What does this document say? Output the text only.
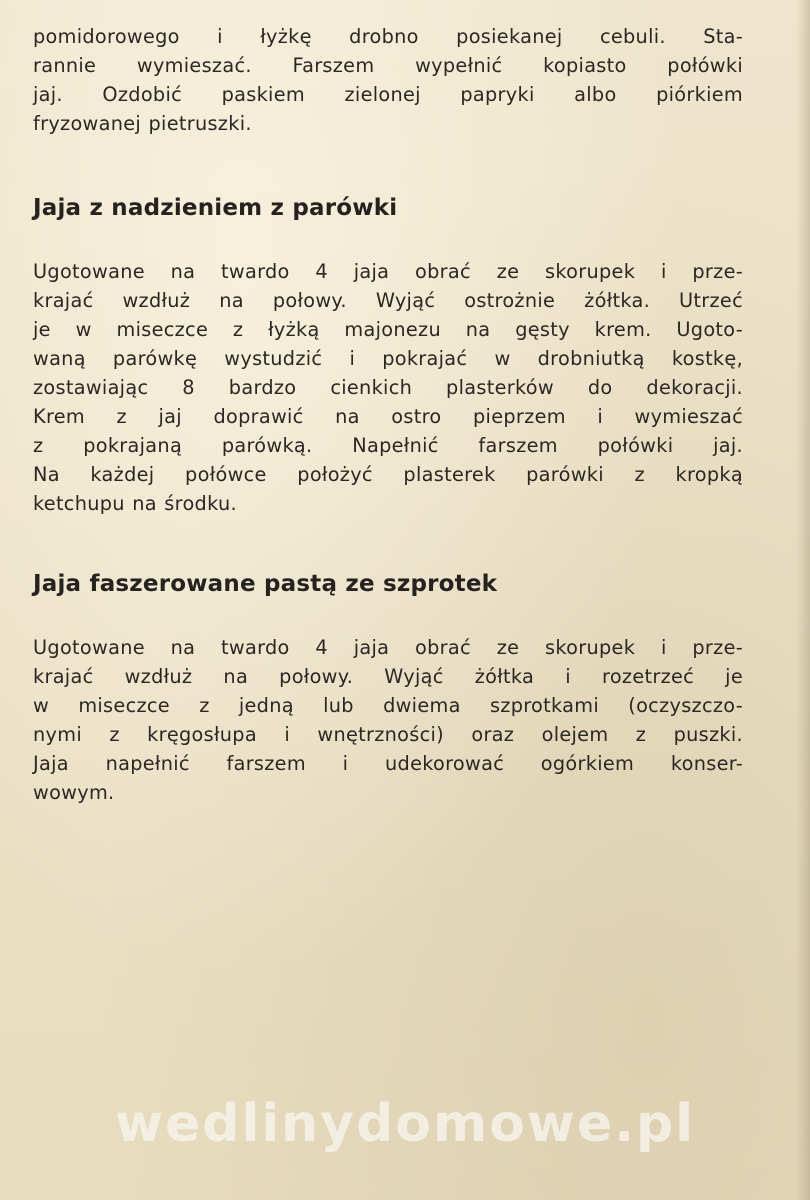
pomidorowego i łyżkę drobno posiekanej cebuli. Sta-
rannie wymieszać. Farszem wypełnić kopiasto połówki
jaj. Ozdobić paskiem zielonej papryki albo piórkiem
fryzowanej pietruszki.

Jaja z nadzieniem z parówki

Ugotowane na twardo 4 jaja obrać ze skorupek i prze-
krajać wzdłuż na połowy. Wyjąć ostrożnie żółtka. Utrzeć
je w miseczce z łyżką majonezu na gęsty krem. Ugoto-
waną parówkę wystudzić i pokrajać w drobniutką kostkę,
zostawiając 8 bardzo cienkich plasterków do dekoracji.
Krem z jaj doprawić na ostro pieprzem i wymieszać
z pokrajaną parówką. Napełnić farszem połówki jaj.
Na każdej połówce położyć plasterek parówki z kropką
ketchupu na środku.

Jaja faszerowane pastą ze szprotek

Ugotowane na twardo 4 jaja obrać ze skorupek i prze-
krajać wzdłuż na połowy. Wyjąć żółtka i rozetrzeć je
w miseczce z jedną lub dwiema szprotkami (oczyszczo-
nymi z kręgosłupa i wnętrzności) oraz olejem z puszki.
Jaja napełnić farszem i udekorować ogórkiem konser-
wowym.

wedlinydomowe.pl
